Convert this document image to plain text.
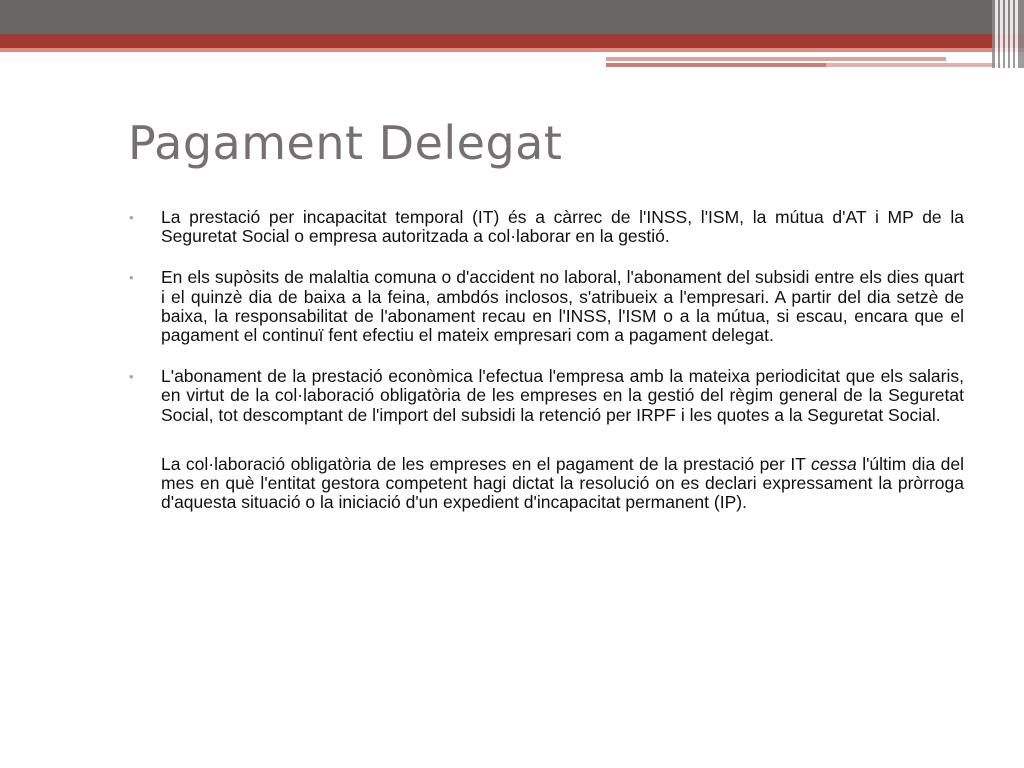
Pagament Delegat
• La prestació per incapacitat temporal (IT) és a càrrec de l'INSS, l'ISM, la mútua d'AT i MP de la Seguretat Social o empresa autoritzada a col·laborar en la gestió.
• En els supòsits de malaltia comuna o d'accident no laboral, l'abonament del subsidi entre els dies quart i el quinzè dia de baixa a la feina, ambdós inclosos, s'atribueix a l'empresari. A partir del dia setzè de baixa, la responsabilitat de l'abonament recau en l'INSS, l'ISM o a la mútua, si escau, encara que el pagament el continuï fent efectiu el mateix empresari com a pagament delegat.
• L'abonament de la prestació econòmica l'efectua l'empresa amb la mateixa periodicitat que els salaris, en virtut de la col·laboració obligatòria de les empreses en la gestió del règim general de la Seguretat Social, tot descomptant de l'import del subsidi la retenció per IRPF i les quotes a la Seguretat Social.
La col·laboració obligatòria de les empreses en el pagament de la prestació per IT cessa l'últim dia del mes en què l'entitat gestora competent hagi dictat la resolució on es declari expressament la pròrroga d'aquesta situació o la iniciació d'un expedient d'incapacitat permanent (IP).
